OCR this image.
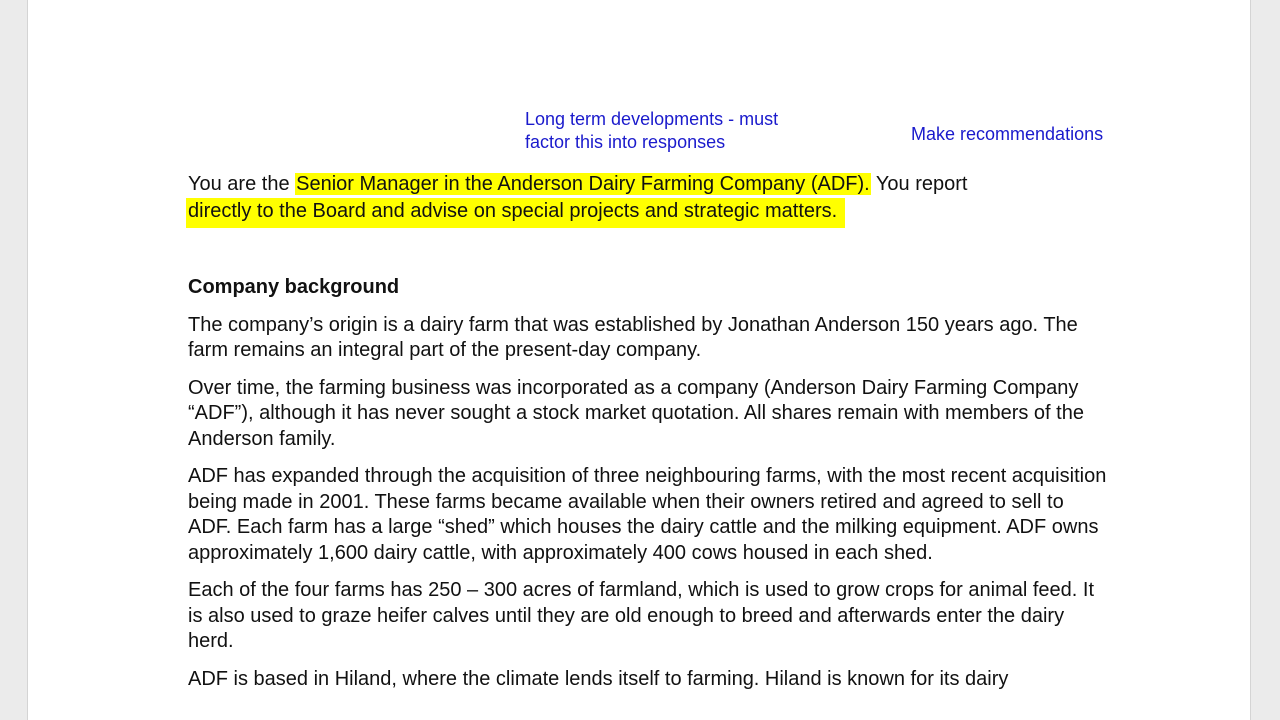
Long term developments - must
factor this into responses	Make recommendations

You are the Senior Manager in the Anderson Dairy Farming Company (ADF). You report
directly to the Board and advise on special projects and strategic matters.

Company background

The company’s origin is a dairy farm that was established by Jonathan Anderson 150 years ago. The farm remains an integral part of the present-day company.

Over time, the farming business was incorporated as a company (Anderson Dairy Farming Company “ADF”), although it has never sought a stock market quotation. All shares remain with members of the Anderson family.

ADF has expanded through the acquisition of three neighbouring farms, with the most recent acquisition being made in 2001. These farms became available when their owners retired and agreed to sell to ADF. Each farm has a large “shed” which houses the dairy cattle and the milking equipment. ADF owns approximately 1,600 dairy cattle, with approximately 400 cows housed in each shed.

Each of the four farms has 250 – 300 acres of farmland, which is used to grow crops for animal feed. It is also used to graze heifer calves until they are old enough to breed and afterwards enter the dairy herd.

ADF is based in Hiland, where the climate lends itself to farming. Hiland is known for its dairy
